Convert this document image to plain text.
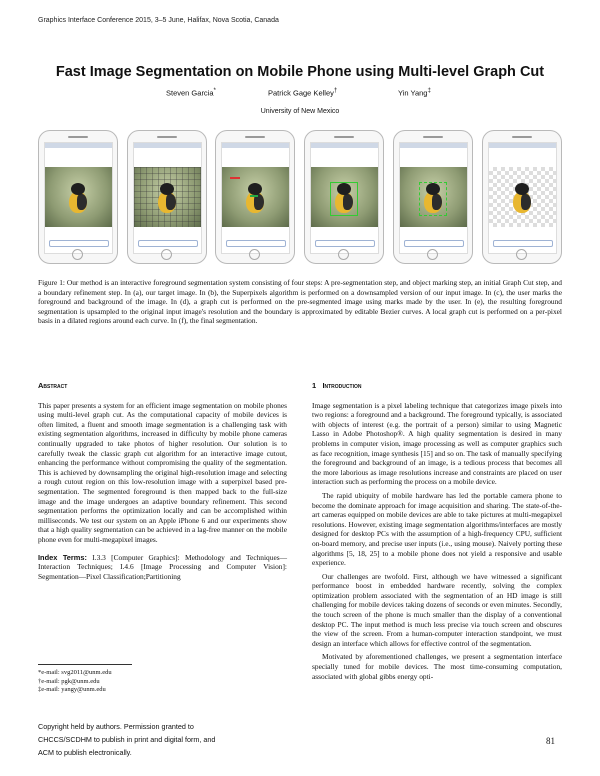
Graphics Interface Conference 2015, 3–5 June, Halifax, Nova Scotia, Canada
Fast Image Segmentation on Mobile Phone using Multi-level Graph Cut
Steven Garcia*	Patrick Gage Kelley†	Yin Yang‡
University of New Mexico
Figure 1: Our method is an interactive foreground segmentation system consisting of four steps: A pre-segmentation step, and object marking step, an initial Graph Cut step, and a boundary refinement step. In (a), our target image. In (b), the Superpixels algorithm is performed on a downsampled version of our input image. In (c), the user marks the foreground and background of the image. In (d), a graph cut is performed on the pre-segmented image using marks made by the user. In (e), the resulting foreground segmentation is upsampled to the original input image's resolution and the boundary is approximated by editable Bezier curves. A local graph cut is performed on a per-pixel basis in a dilated regions around each curve. In (f), the final segmentation.
Abstract

This paper presents a system for an efficient image segmentation on mobile phones using multi-level graph cut. As the computational capacity of mobile devices is often limited, a fluent and smooth image segmentation is a challenging task with existing segmentation algorithms, increased in difficulty by mobile phone cameras continually upgraded to take photos of higher resolution. Our solution is to carefully tweak the classic graph cut algorithm for an interactive image cutout, enhancing the performance without compromising the quality of the segmentation. This is achieved by downsampling the original high-resolution image and selecting a rough cutout region on this low-resolution image with a superpixel based pre-segmentation. The segmented foreground is then mapped back to the full-size image and the image undergoes an adaptive boundary refinement. This second segmentation performs the optimization locally and can be accomplished within milliseconds. We test our system on an Apple iPhone 6 and our experiments show that a high quality segmentation can be achieved in a lag-free manner on the mobile phone even for multi-megapixel images.

Index Terms: I.3.3 [Computer Graphics]: Methodology and Techniques—Interaction Techniques; I.4.6 [Image Processing and Computer Vision]: Segmentation—Pixel Classification;Partitioning

*e-mail: svg2011@unm.edu
†e-mail: pgk@unm.edu
‡e-mail: yangy@unm.edu
Copyright held by authors. Permission granted to
CHCCS/SCDHM to publish in print and digital form, and
ACM to publish electronically.
1 Introduction

Image segmentation is a pixel labeling technique that categorizes image pixels into two regions: a foreground and a background. The foreground typically, is associated with objects of interest (e.g. the portrait of a person) similar to using Magnetic Lasso in Adobe Photoshop®. A high quality segmentation is desired in many problems in computer vision, image processing as well as computer graphics such as face recognition, image synthesis [15] and so on. The task of manually specifying the foreground and background of an image, is a tedious process that becomes all the more laborious as image resolutions increase and constraints are placed on user interaction such as performing the process on a mobile device.

The rapid ubiquity of mobile hardware has led the portable camera phone to become the dominate approach for image acquisition and sharing. The state-of-the-art cameras equipped on mobile devices are able to take pictures at multi-megapixel resolutions. However, existing image segmentation algorithms/interfaces are mostly designed for desktop PCs with the assumption of a high-frequency CPU, sufficient on-board memory, and precise user inputs (i.e., using mouse). Naively porting these algorithms [5, 18, 25] to a mobile phone does not yield a responsive and usable experience.

Our challenges are twofold. First, although we have witnessed a significant performance boost in embedded hardware recently, solving the complex optimization problem associated with the segmentation of an HD image is still challenging for mobile devices taking dozens of seconds or even minutes. Secondly, the touch screen of the phone is much smaller than the display of a conventional desktop PC. The input method is much less precise via touch screen and obscures the view of the screen. From a human-computer interaction standpoint, we must design an interface which allows for effective control of the segmentation.

Motivated by aforementioned challenges, we present a segmentation interface specially tuned for mobile devices. The most time-consuming computation, associated with global gibbs energy opti-

81
